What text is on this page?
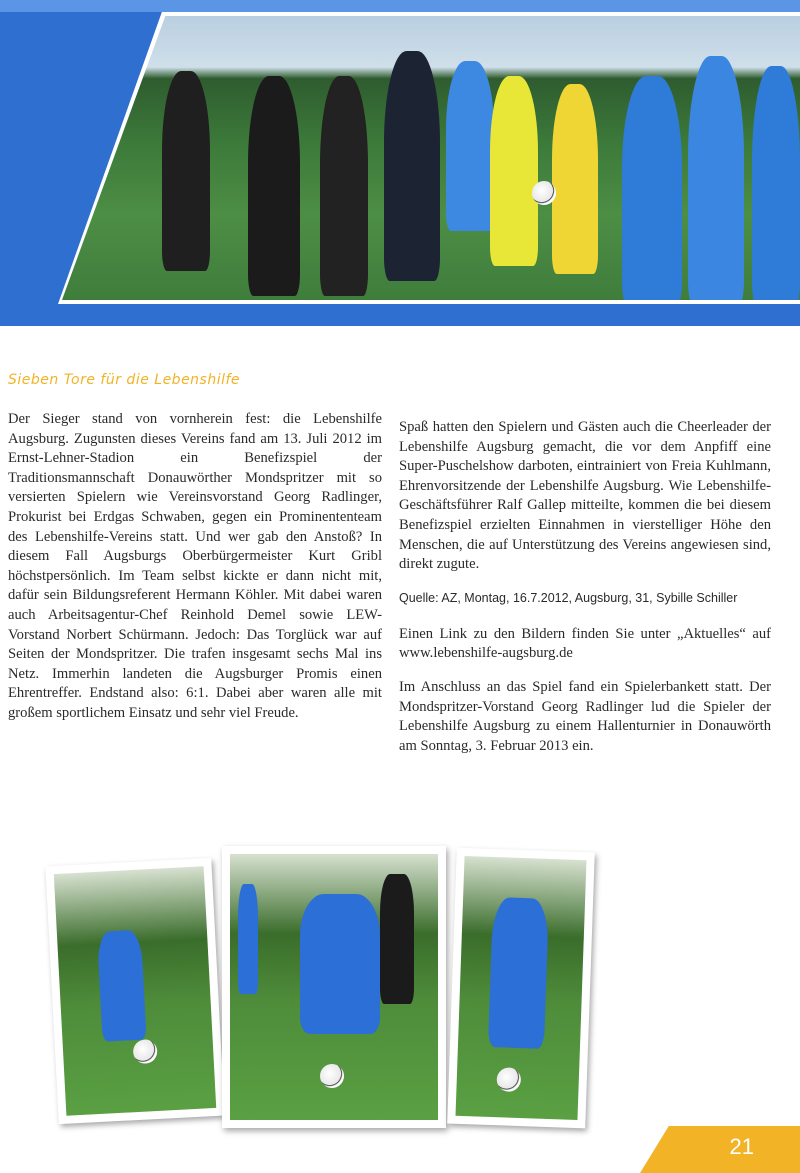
Sieben Tore für die Lebenshilfe

Der Sieger stand von vornherein fest: die Lebenshilfe Augsburg. Zugunsten dieses Vereins fand am 13. Juli 2012 im Ernst-Lehner-Stadion ein Benefizspiel der Traditionsmannschaft Donauwörther Mondspritzer mit so versierten Spielern wie Vereinsvorstand Georg Radlinger, Prokurist bei Erdgas Schwaben, gegen ein Prominententeam des Lebenshilfe-Vereins statt. Und wer gab den Anstoß? In diesem Fall Augsburgs Oberbürgermeister Kurt Gribl höchstpersönlich. Im Team selbst kickte er dann nicht mit, dafür sein Bildungsreferent Hermann Köhler. Mit dabei waren auch Arbeitsagentur-Chef Reinhold Demel sowie LEW-Vorstand Norbert Schürmann. Jedoch: Das Torglück war auf Seiten der Mondspritzer. Die trafen insgesamt sechs Mal ins Netz. Immerhin landeten die Augsburger Promis einen Ehrentreffer. Endstand also: 6:1. Dabei aber waren alle mit großem sportlichem Einsatz und sehr viel Freude.

Spaß hatten den Spielern und Gästen auch die Cheerleader der Lebenshilfe Augsburg gemacht, die vor dem Anpfiff eine Super-Puschelshow darboten, eintrainiert von Freia Kuhlmann, Ehrenvorsitzende der Lebenshilfe Augsburg. Wie Lebenshilfe-Geschäftsführer Ralf Gallep mitteilte, kommen die bei diesem Benefizspiel erzielten Einnahmen in vierstelliger Höhe den Menschen, die auf Unterstützung des Vereins angewiesen sind, direkt zugute.

Quelle: AZ, Montag, 16.7.2012, Augsburg, 31, Sybille Schiller

Einen Link zu den Bildern finden Sie unter „Aktuelles“ auf www.lebenshilfe-augsburg.de

Im Anschluss an das Spiel fand ein Spielerbankett statt. Der Mondspritzer-Vorstand Georg Radlinger lud die Spieler der Lebenshilfe Augsburg zu einem Hallenturnier in Donauwörth am Sonntag, 3. Februar 2013 ein.

21
